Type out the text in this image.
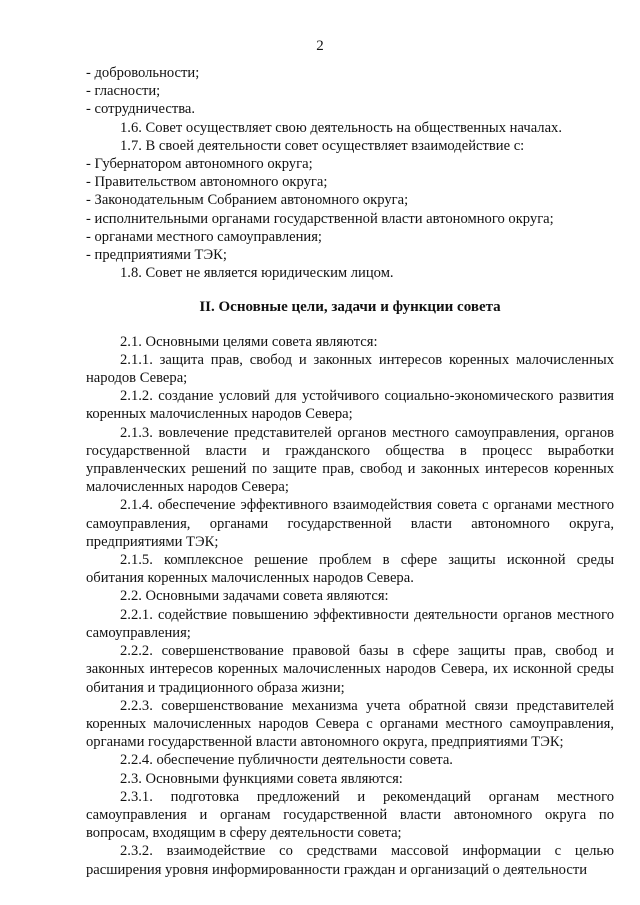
2

- добровольности;

- гласности;

- сотрудничества.

1.6. Совет осуществляет свою деятельность на общественных началах.

1.7. В своей деятельности совет осуществляет взаимодействие с:

- Губернатором автономного округа;

- Правительством автономного округа;

- Законодательным Собранием автономного округа;

- исполнительными органами государственной власти автономного округа;

- органами местного самоуправления;

- предприятиями ТЭК;

1.8. Совет не является юридическим лицом.

II. Основные цели, задачи и функции совета

2.1. Основными целями совета являются:

2.1.1. защита прав, свобод и законных интересов коренных малочисленных народов Севера;

2.1.2. создание условий для устойчивого социально-экономического развития коренных малочисленных народов Севера;

2.1.3. вовлечение представителей органов местного самоуправления, органов государственной власти и гражданского общества в процесс выработки управленческих решений по защите прав, свобод и законных интересов коренных малочисленных народов Севера;

2.1.4. обеспечение эффективного взаимодействия совета с органами местного самоуправления, органами государственной власти автономного округа, предприятиями ТЭК;

2.1.5. комплексное решение проблем в сфере защиты исконной среды обитания коренных малочисленных народов Севера.

2.2. Основными задачами совета являются:

2.2.1. содействие повышению эффективности деятельности органов местного самоуправления;

2.2.2. совершенствование правовой базы в сфере защиты прав, свобод и законных интересов коренных малочисленных народов Севера, их исконной среды обитания и традиционного образа жизни;

2.2.3. совершенствование механизма учета обратной связи представителей коренных малочисленных народов Севера с органами местного самоуправления, органами государственной власти автономного округа, предприятиями ТЭК;

2.2.4. обеспечение публичности деятельности совета.

2.3. Основными функциями совета являются:

2.3.1. подготовка предложений и рекомендаций органам местного самоуправления и органам государственной власти автономного округа по вопросам, входящим в сферу деятельности совета;

2.3.2. взаимодействие со средствами массовой информации с целью расширения уровня информированности граждан и организаций о деятельности
